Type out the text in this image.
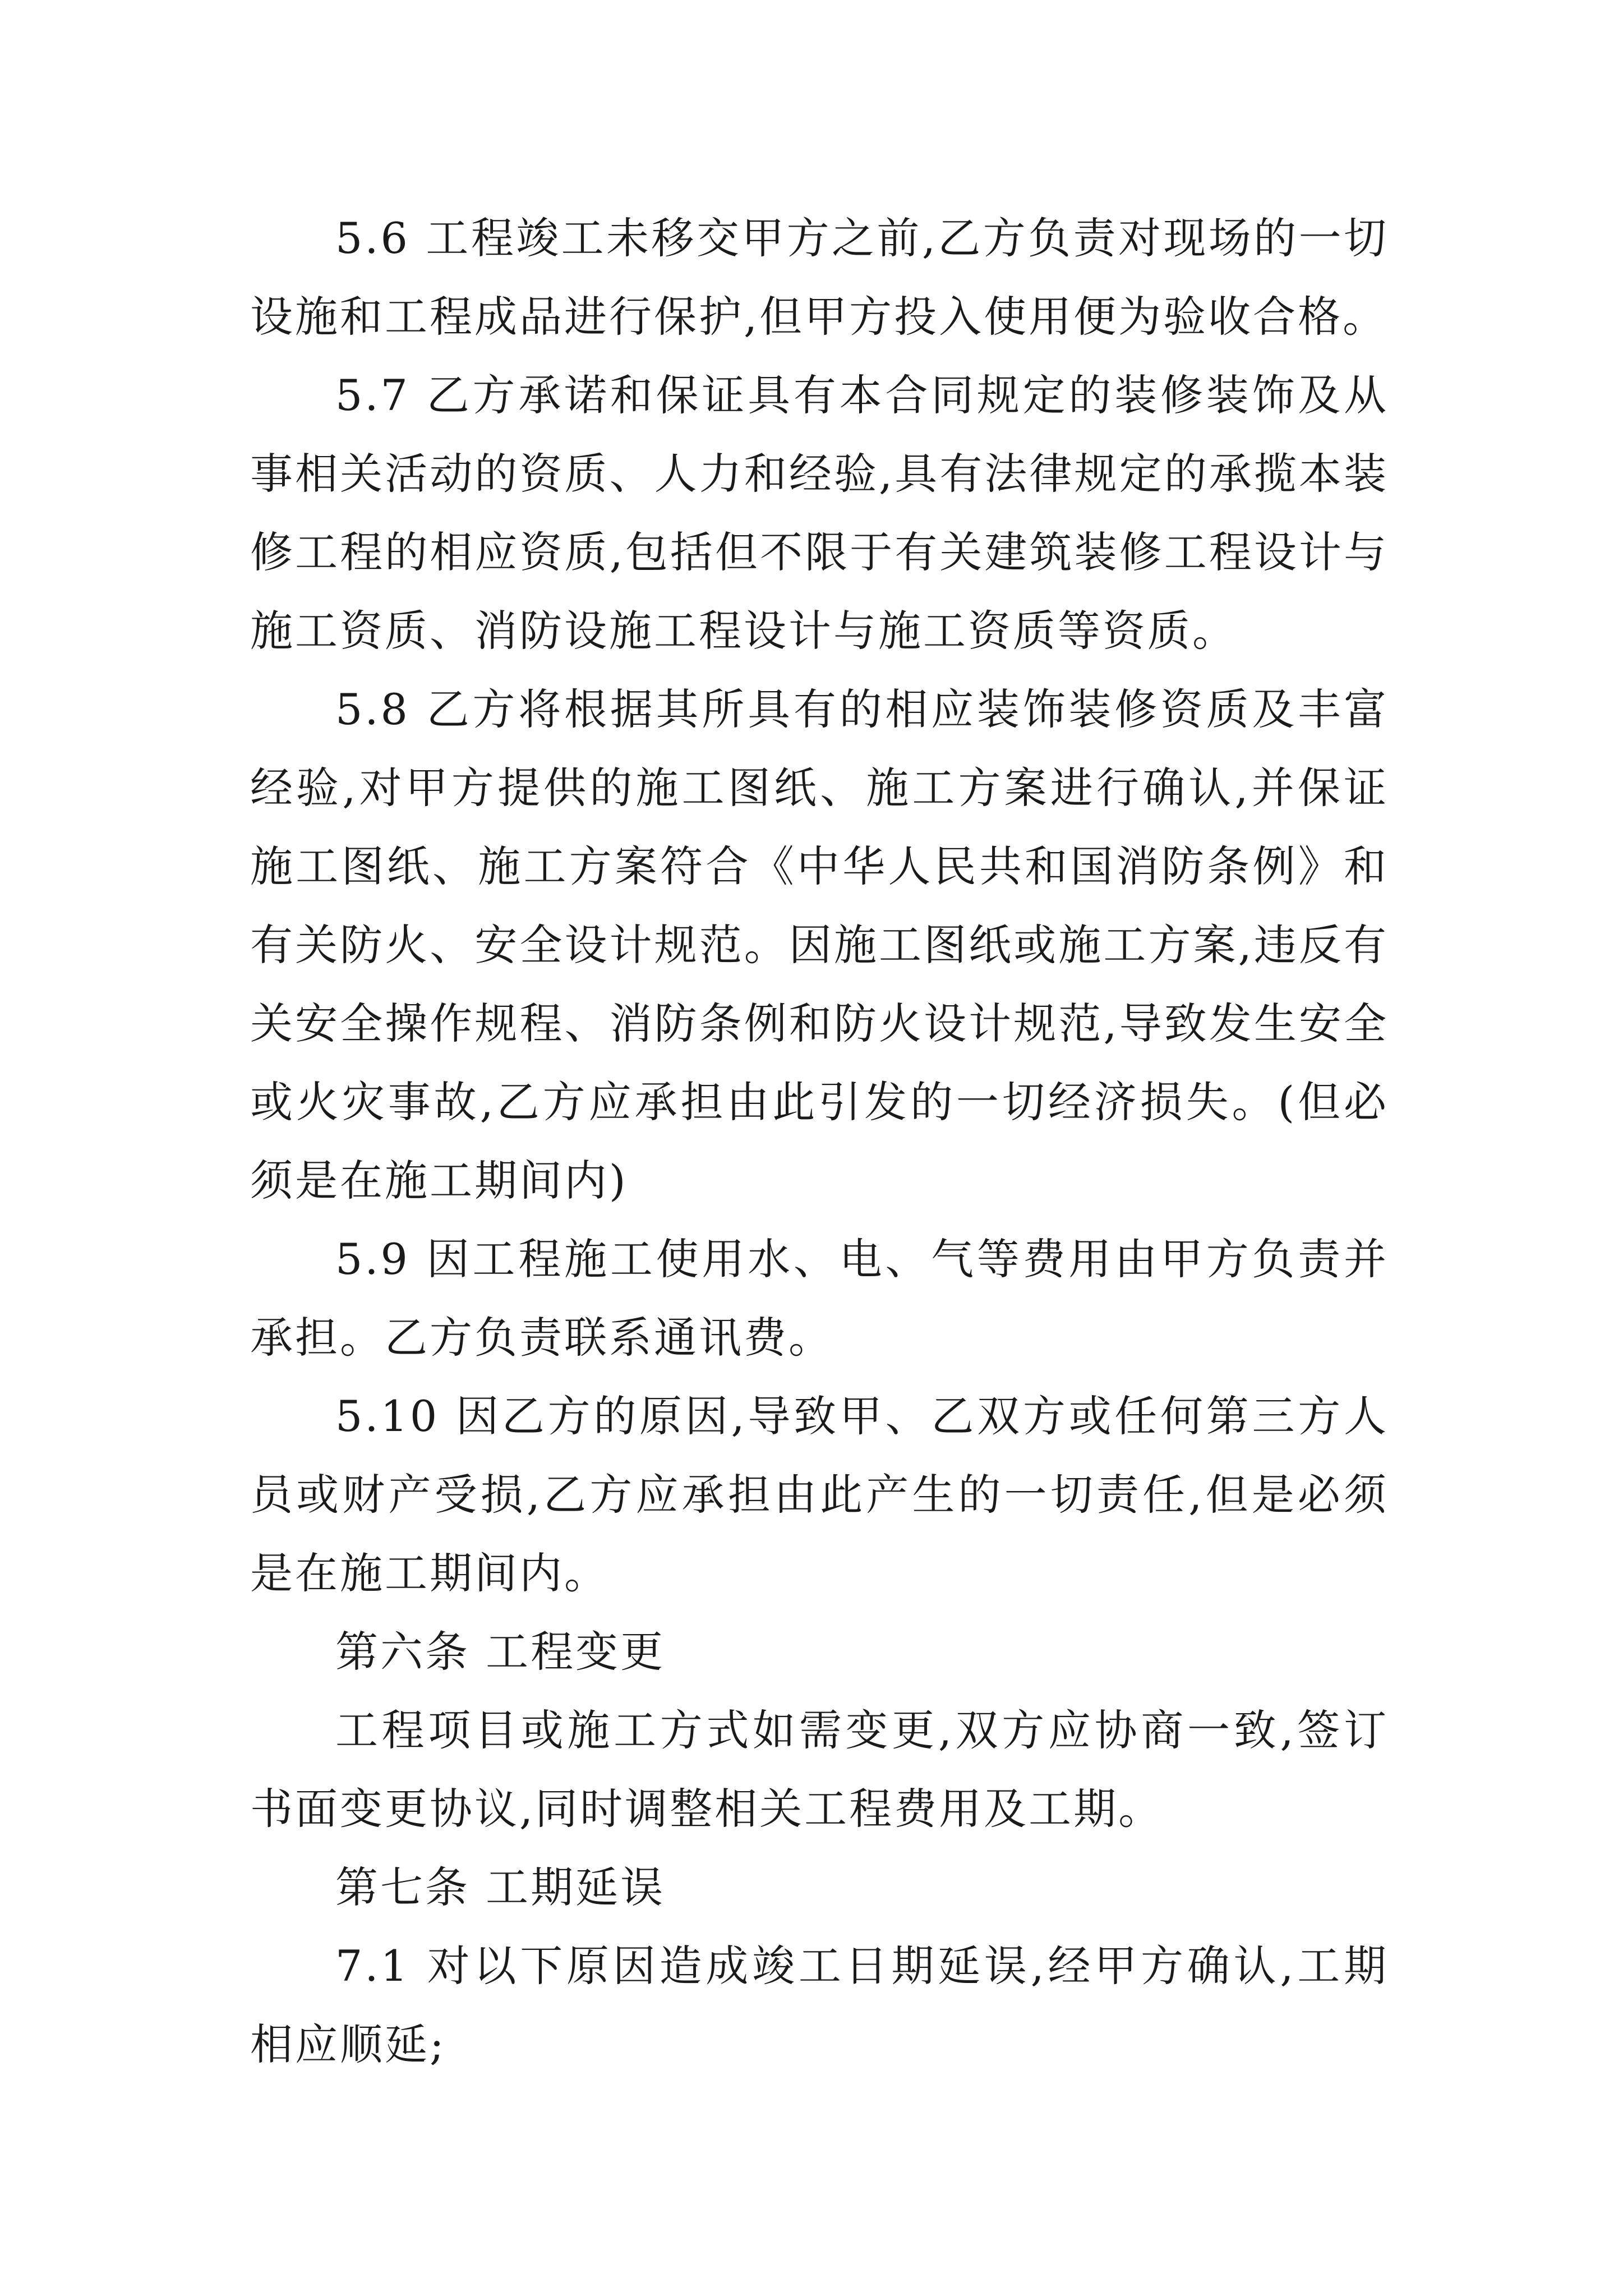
5.6 工程竣工未移交甲方之前,乙方负责对现场的一切设施和工程成品进行保护,但甲方投入使用便为验收合格。

5.7 乙方承诺和保证具有本合同规定的装修装饰及从事相关活动的资质、人力和经验,具有法律规定的承揽本装修工程的相应资质,包括但不限于有关建筑装修工程设计与施工资质、消防设施工程设计与施工资质等资质。

5.8 乙方将根据其所具有的相应装饰装修资质及丰富经验,对甲方提供的施工图纸、施工方案进行确认,并保证施工图纸、施工方案符合《中华人民共和国消防条例》和有关防火、安全设计规范。因施工图纸或施工方案,违反有关安全操作规程、消防条例和防火设计规范,导致发生安全或火灾事故,乙方应承担由此引发的一切经济损失。(但必须是在施工期间内)

5.9 因工程施工使用水、电、气等费用由甲方负责并承担。乙方负责联系通讯费。

5.10 因乙方的原因,导致甲、乙双方或任何第三方人员或财产受损,乙方应承担由此产生的一切责任,但是必须是在施工期间内。

第六条 工程变更

工程项目或施工方式如需变更,双方应协商一致,签订书面变更协议,同时调整相关工程费用及工期。

第七条 工期延误

7.1 对以下原因造成竣工日期延误,经甲方确认,工期相应顺延;
